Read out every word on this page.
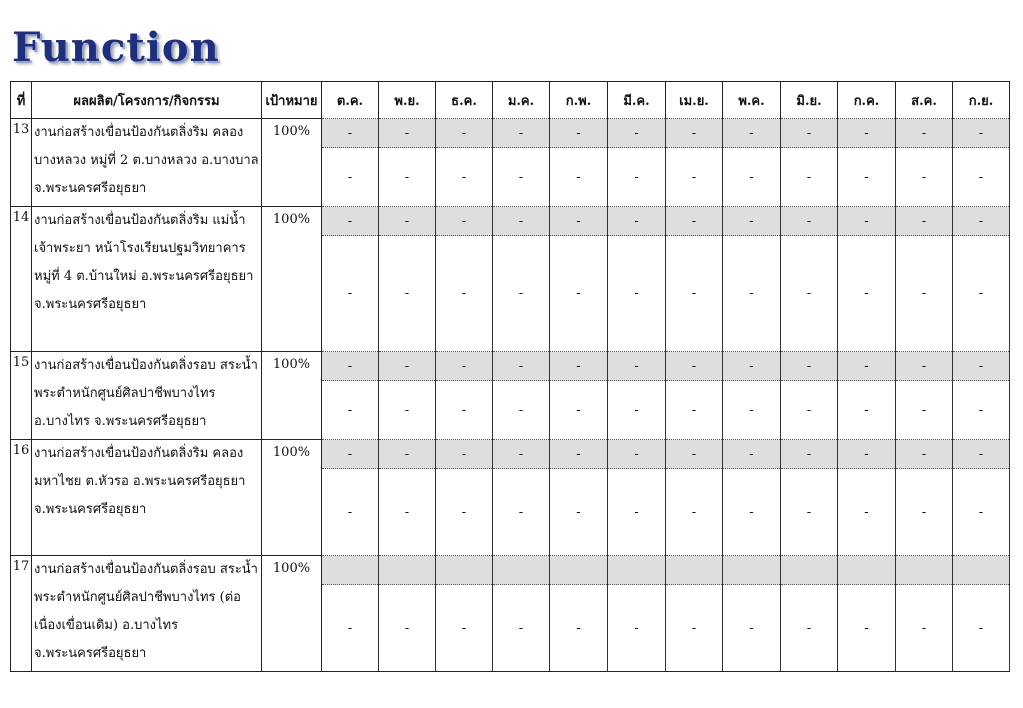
Function
ที่	ผลผลิต/โครงการ/กิจกรรม	เป้าหมาย	ต.ค.	พ.ย.	ธ.ค.	ม.ค.	ก.พ.	มี.ค.	เม.ย.	พ.ค.	มิ.ย.	ก.ค.	ส.ค.	ก.ย.
13	งานก่อสร้างเขื่อนป้องกันตลิ่งริม คลองบางหลวง หมู่ที่ 2 ต.บางหลวง อ.บางบาล จ.พระนครศรีอยุธยา	100%	-	-	-	-	-	-	-	-	-	-	-	-
			-	-	-	-	-	-	-	-	-	-	-	-
14	งานก่อสร้างเขื่อนป้องกันตลิ่งริม แม่น้ำเจ้าพระยา หน้าโรงเรียนปฐมวิทยาคาร หมู่ที่ 4 ต.บ้านใหม่ อ.พระนครศรีอยุธยา จ.พระนครศรีอยุธยา	100%	-	-	-	-	-	-	-	-	-	-	-	-
			-	-	-	-	-	-	-	-	-	-	-	-
15	งานก่อสร้างเขื่อนป้องกันตลิ่งรอบ สระน้ำพระตำหนักศูนย์ศิลปาชีพบางไทร อ.บางไทร จ.พระนครศรีอยุธยา	100%	-	-	-	-	-	-	-	-	-	-	-	-
			-	-	-	-	-	-	-	-	-	-	-	-
16	งานก่อสร้างเขื่อนป้องกันตลิ่งริม คลองมหาไชย ต.หัวรอ อ.พระนครศรีอยุธยา จ.พระนครศรีอยุธยา	100%	-	-	-	-	-	-	-	-	-	-	-	-
			-	-	-	-	-	-	-	-	-	-	-	-
17	งานก่อสร้างเขื่อนป้องกันตลิ่งรอบ สระน้ำพระตำหนักศูนย์ศิลปาชีพบางไทร (ต่อเนื่องเขื่อนเดิม) อ.บางไทร จ.พระนครศรีอยุธยา	100%												
			-	-	-	-	-	-	-	-	-	-	-	-
